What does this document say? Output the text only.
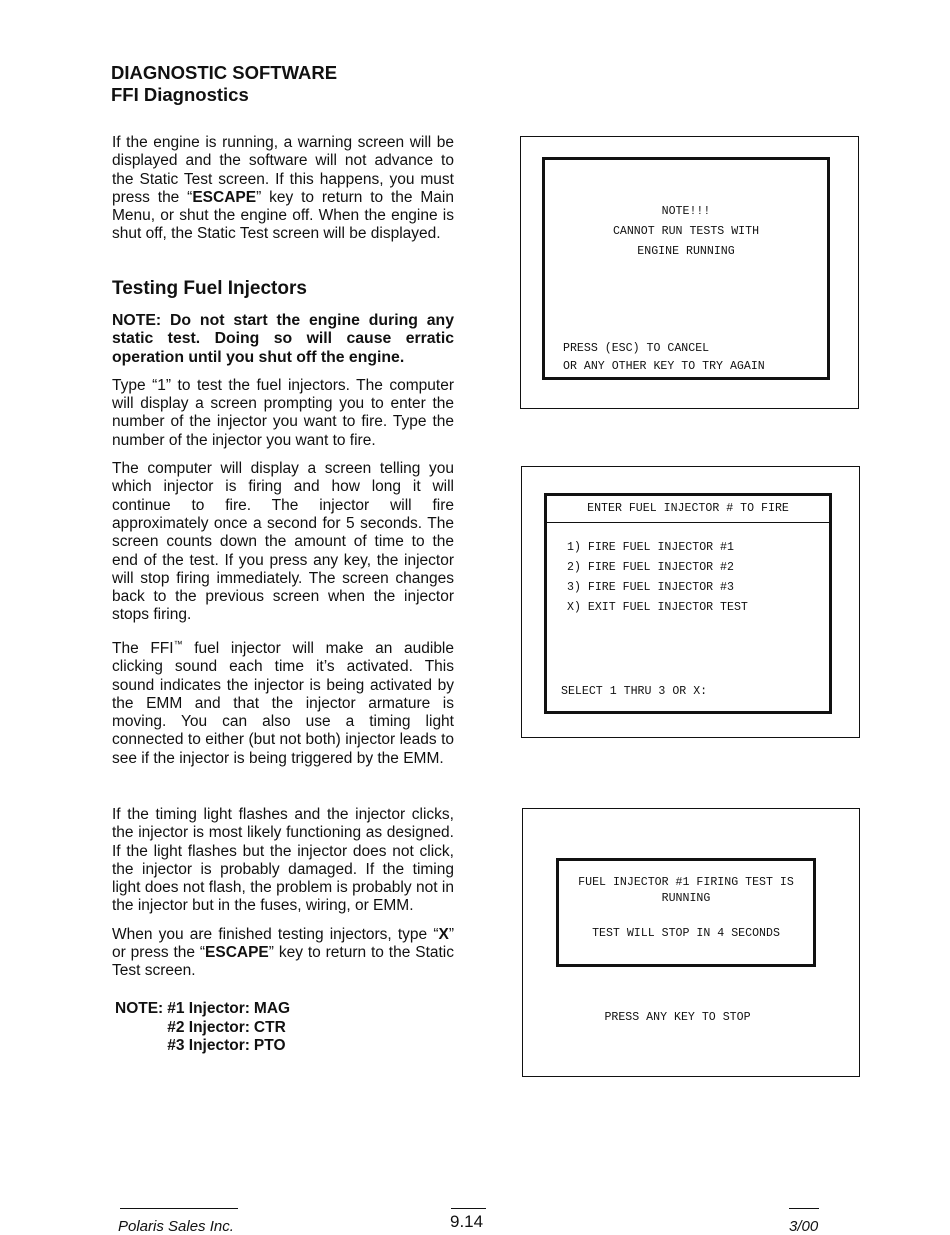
DIAGNOSTIC SOFTWARE
FFI Diagnostics

If the engine is running, a warning screen will be displayed and the software will not advance to the Static Test screen. If this happens, you must press the “ESCAPE” key to return to the Main Menu, or shut the engine off. When the engine is shut off, the Static Test screen will be displayed.

Testing Fuel Injectors

NOTE: Do not start the engine during any static test. Doing so will cause erratic operation until you shut off the engine.

Type “1” to test the fuel injectors. The computer will display a screen prompting you to enter the number of the injector you want to fire. Type the number of the injector you want to fire.

The computer will display a screen telling you which injector is firing and how long it will continue to fire. The injector will fire approximately once a second for 5 seconds. The screen counts down the amount of time to the end of the test. If you press any key, the injector will stop firing immediately. The screen changes back to the previous screen when the injector stops firing.

The FFI™ fuel injector will make an audible clicking sound each time it’s activated. This sound indicates the injector is being activated by the EMM and that the injector armature is moving. You can also use a timing light connected to either (but not both) injector leads to see if the injector is being triggered by the EMM.

If the timing light flashes and the injector clicks, the injector is most likely functioning as designed. If the light flashes but the injector does not click, the injector is probably damaged. If the timing light does not flash, the problem is probably not in the injector but in the fuses, wiring, or EMM.

When you are finished testing injectors, type “X” or press the “ESCAPE” key to return to the Static Test screen.

NOTE:	#1 Injector:	MAG
	#2 Injector:	CTR
	#3 Injector:	PTO
NOTE!!!
CANNOT RUN TESTS WITH
ENGINE RUNNING
PRESS (ESC) TO CANCEL
OR ANY OTHER KEY TO TRY AGAIN
ENTER FUEL INJECTOR # TO FIRE
1) FIRE FUEL INJECTOR #1
2) FIRE FUEL INJECTOR #2
3) FIRE FUEL INJECTOR #3
X) EXIT FUEL INJECTOR TEST
SELECT 1 THRU 3 OR X:
FUEL INJECTOR #1 FIRING TEST IS
RUNNING
TEST WILL STOP IN 4 SECONDS
PRESS ANY KEY TO STOP
Polaris Sales Inc.	9.14	3/00
